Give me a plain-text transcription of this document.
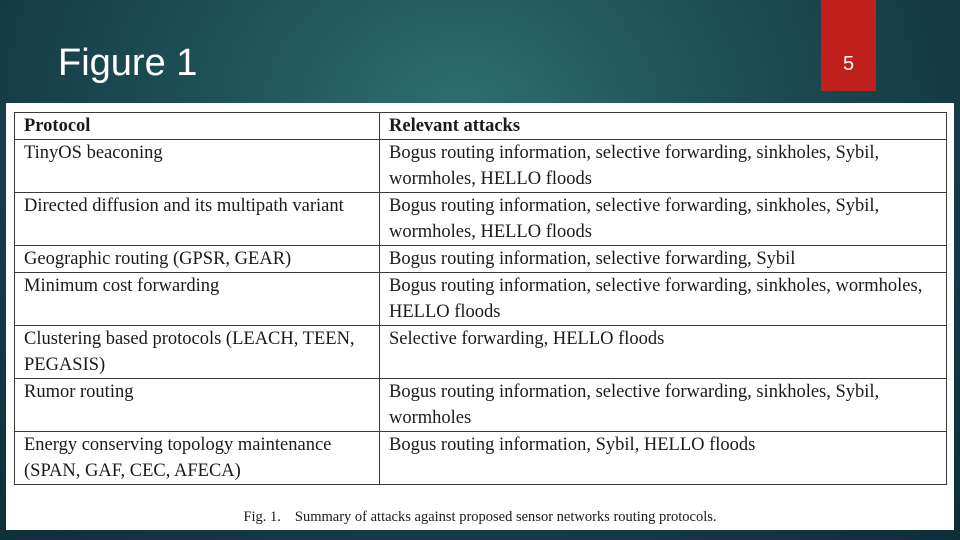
Figure 1	5
Protocol	Relevant attacks
TinyOS beaconing	Bogus routing information, selective forwarding, sinkholes, Sybil, wormholes, HELLO floods
Directed diffusion and its multipath variant	Bogus routing information, selective forwarding, sinkholes, Sybil, wormholes, HELLO floods
Geographic routing (GPSR, GEAR)	Bogus routing information, selective forwarding, Sybil
Minimum cost forwarding	Bogus routing information, selective forwarding, sinkholes, wormholes, HELLO floods
Clustering based protocols (LEACH, TEEN, PEGASIS)	Selective forwarding, HELLO floods
Rumor routing	Bogus routing information, selective forwarding, sinkholes, Sybil, wormholes
Energy conserving topology maintenance (SPAN, GAF, CEC, AFECA)	Bogus routing information, Sybil, HELLO floods
Fig. 1. Summary of attacks against proposed sensor networks routing protocols.
